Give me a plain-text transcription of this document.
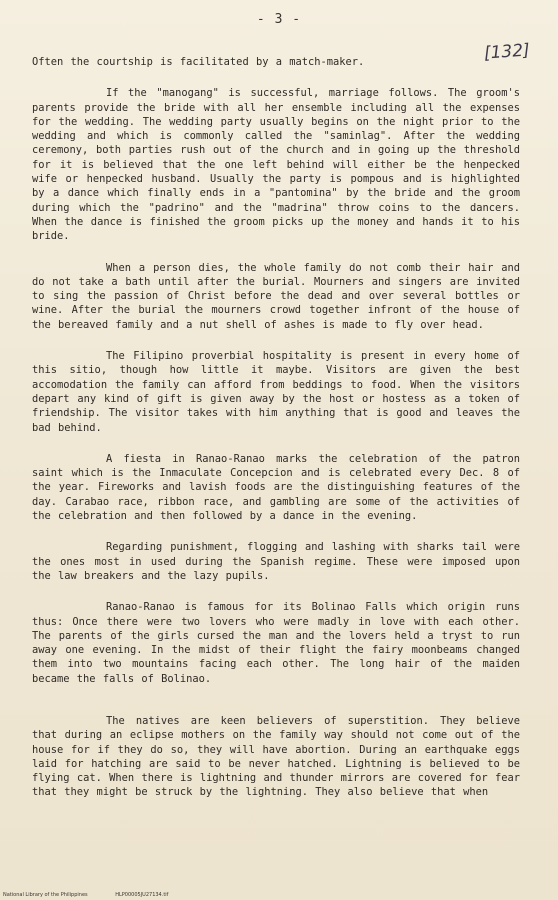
- 3 -
[132]

Often the courtship is facilitated by a match-maker.

If the "manogang" is successful, marriage follows. The groom's parents provide the bride with all her ensemble including all the expenses for the wedding. The wedding party usually begins on the night prior to the wedding and which is commonly called the "saminlag". After the wedding ceremony, both parties rush out of the church and in going up the threshold for it is believed that the one left behind will either be the henpecked wife or henpecked husband. Usually the party is pompous and is highlighted by a dance which finally ends in a "pantomina" by the bride and the groom during which the "padrino" and the "madrina" throw coins to the dancers. When the dance is finished the groom picks up the money and hands it to his bride.

When a person dies, the whole family do not comb their hair and do not take a bath until after the burial. Mourners and singers are invited to sing the passion of Christ before the dead and over several bottles or wine. After the burial the mourners crowd together infront of the house of the bereaved family and a nut shell of ashes is made to fly over head.

The Filipino proverbial hospitality is present in every home of this sitio, though how little it maybe. Visitors are given the best accomodation the family can afford from beddings to food. When the visitors depart any kind of gift is given away by the host or hostess as a token of friendship. The visitor takes with him anything that is good and leaves the bad behind.

A fiesta in Ranao-Ranao marks the celebration of the patron saint which is the Inmaculate Concepcion and is celebrated every Dec. 8 of the year. Fireworks and lavish foods are the distinguishing features of the day. Carabao race, ribbon race, and gambling are some of the activities of the celebration and then followed by a dance in the evening.

Regarding punishment, flogging and lashing with sharks tail were the ones most in used during the Spanish regime. These were imposed upon the law breakers and the lazy pupils.

Ranao-Ranao is famous for its Bolinao Falls which origin runs thus: Once there were two lovers who were madly in love with each other. The parents of the girls cursed the man and the lovers held a tryst to run away one evening. In the midst of their flight the fairy moonbeams changed them into two mountains facing each other. The long hair of the maiden became the falls of Bolinao.

The natives are keen believers of superstition. They believe that during an eclipse mothers on the family way should not come out of the house for if they do so, they will have abortion. During an earthquake eggs laid for hatching are said to be never hatched. Lightning is believed to be flying cat. When there is lightning and thunder mirrors are covered for fear that they might be struck by the lightning. They also believe that when

National Library of the Philippines	HLP00005JU27134.tif
